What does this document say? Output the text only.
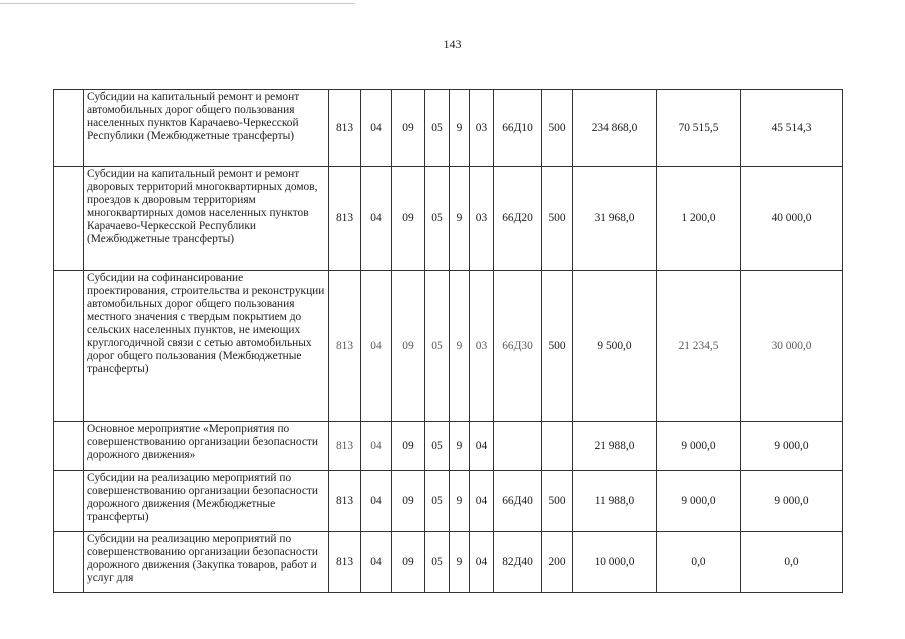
143
	Субсидии на капитальный ремонт и ремонт автомобильных дорог общего пользования населенных пунктов Карачаево-Черкесской Республики (Межбюджетные трансферты)	813	04	09	05	9	03	66Д10	500	234 868,0	70 515,5	45 514,3
	Субсидии на капитальный ремонт и ремонт дворовых территорий многоквартирных домов, проездов к дворовым территориям многоквартирных домов населенных пунктов Карачаево-Черкесской Республики (Межбюджетные трансферты)	813	04	09	05	9	03	66Д20	500	31 968,0	1 200,0	40 000,0
	Субсидии на софинансирование проектирования, строительства и реконструкции автомобильных дорог общего пользования местного значения с твердым покрытием до сельских населенных пунктов, не имеющих круглогодичной связи с сетью автомобильных дорог общего пользования (Межбюджетные трансферты)	813	04	09	05	9	03	66Д30	500	9 500,0	21 234,5	30 000,0
	Основное мероприятие «Мероприятия по совершенствованию организации безопасности дорожного движения»	813	04	09	05	9	04			21 988,0	9 000,0	9 000,0
	Субсидии на реализацию мероприятий по совершенствованию организации безопасности дорожного движения (Межбюджетные трансферты)	813	04	09	05	9	04	66Д40	500	11 988,0	9 000,0	9 000,0
	Субсидии на реализацию мероприятий по совершенствованию организации безопасности дорожного движения (Закупка товаров, работ и услуг для	813	04	09	05	9	04	82Д40	200	10 000,0	0,0	0,0
